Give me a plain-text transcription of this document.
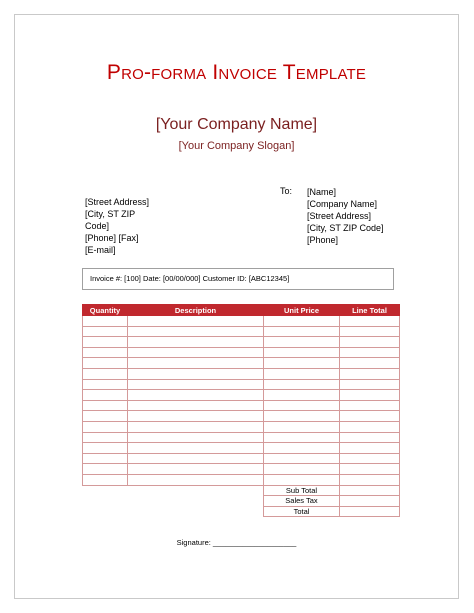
Pro-forma Invoice Template
[Your Company Name]
[Your Company Slogan]
[Street Address]
[City, ST ZIP
Code]
[Phone] [Fax]
[E-mail]
To: [Name]
[Company Name]
[Street Address]
[City, ST ZIP Code]
[Phone]
Invoice #: [100] Date: [00/00/000] Customer ID: [ABC12345]
Quantity	Description	Unit Price	Line Total

		Sub Total	
		Sales Tax	
		Total	
Signature: ____________________
